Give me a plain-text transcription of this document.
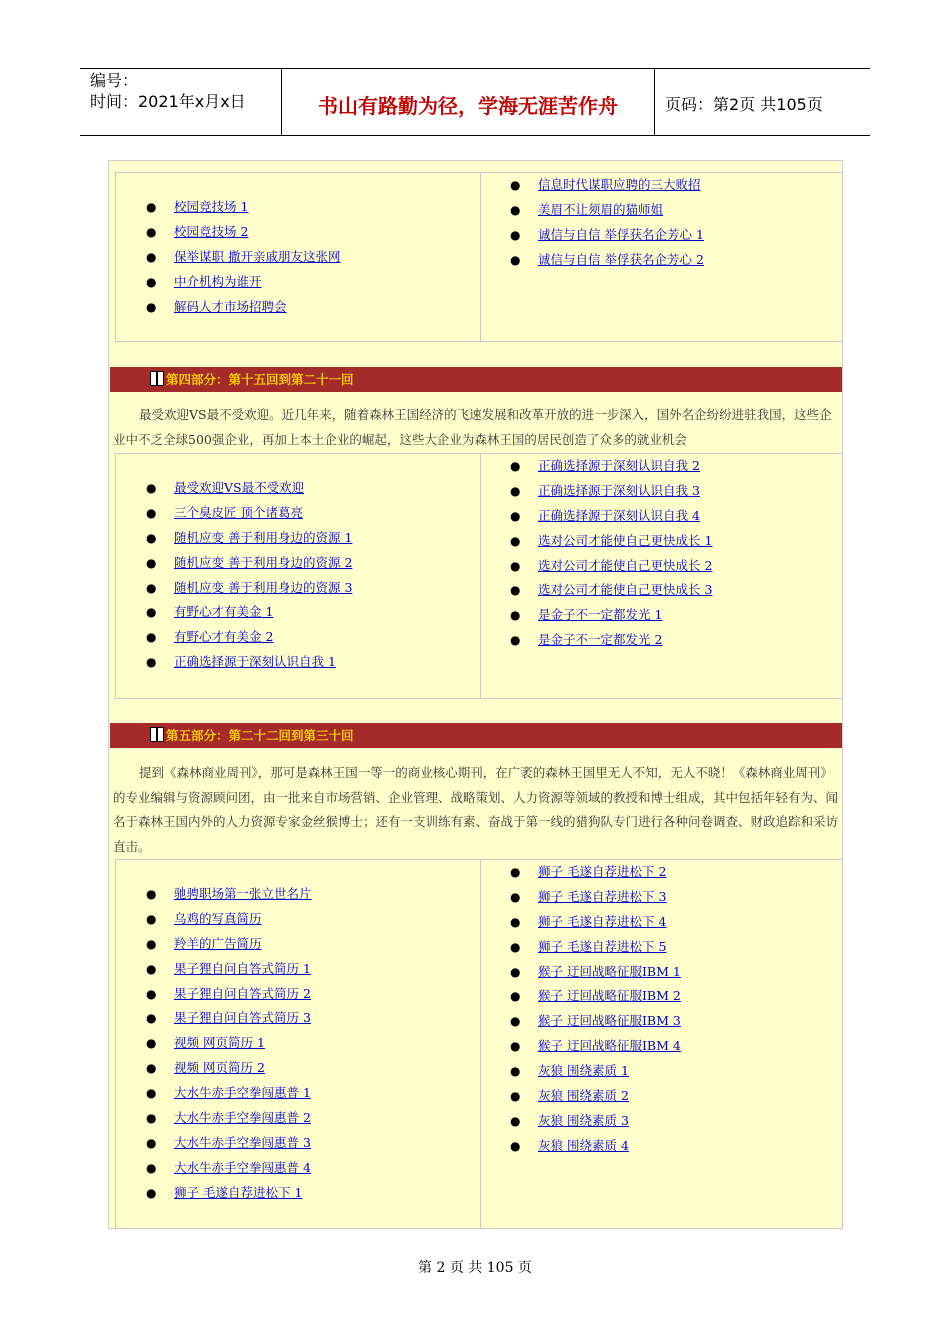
编号：
时间：2021年x月x日	书山有路勤为径，学海无涯苦作舟	页码：第2页 共105页
● 校园竞技场 1
● 校园竞技场 2
● 保举谋职 撒开亲戚朋友这张网
● 中介机构为谁开
● 解码人才市场招聘会
● 信息时代谋职应聘的三大败招
● 美眉不让须眉的猫师姐
● 诚信与自信 举俘获名企芳心 1
● 诚信与自信 举俘获名企芳心 2
第四部分：第十五回到第二十一回
最受欢迎VS最不受欢迎。近几年来，随着森林王国经济的飞速发展和改革开放的进一步深入，国外名企纷纷进驻我国，这些企业中不乏全球500强企业，再加上本土企业的崛起，这些大企业为森林王国的居民创造了众多的就业机会
● 最受欢迎VS最不受欢迎
● 三个臭皮匠 顶个诸葛亮
● 随机应变 善于利用身边的资源 1
● 随机应变 善于利用身边的资源 2
● 随机应变 善于利用身边的资源 3
● 有野心才有美金 1
● 有野心才有美金 2
● 正确选择源于深刻认识自我 1
● 正确选择源于深刻认识自我 2
● 正确选择源于深刻认识自我 3
● 正确选择源于深刻认识自我 4
● 选对公司才能使自己更快成长 1
● 选对公司才能使自己更快成长 2
● 选对公司才能使自己更快成长 3
● 是金子不一定都发光 1
● 是金子不一定都发光 2
第五部分：第二十二回到第三十回
提到《森林商业周刊》，那可是森林王国一等一的商业核心期刊，在广袤的森林王国里无人不知，无人不晓！《森林商业周刊》的专业编辑与资源顾问团，由一批来自市场营销、企业管理、战略策划、人力资源等领域的教授和博士组成，其中包括年轻有为、闻名于森林王国内外的人力资源专家金丝猴博士；还有一支训练有素、奋战于第一线的猎狗队专门进行各种问卷调查、财政追踪和采访直击。
● 驰骋职场第一张立世名片
● 乌鸡的写真简历
● 羚羊的广告简历
● 果子狸自问自答式简历 1
● 果子狸自问自答式简历 2
● 果子狸自问自答式简历 3
● 视频 网页简历 1
● 视频 网页简历 2
● 大水牛赤手空拳闯惠普 1
● 大水牛赤手空拳闯惠普 2
● 大水牛赤手空拳闯惠普 3
● 大水牛赤手空拳闯惠普 4
● 狮子 毛遂自荐进松下 1
● 狮子 毛遂自荐进松下 2
● 狮子 毛遂自荐进松下 3
● 狮子 毛遂自荐进松下 4
● 狮子 毛遂自荐进松下 5
● 猴子 迂回战略征服IBM 1
● 猴子 迂回战略征服IBM 2
● 猴子 迂回战略征服IBM 3
● 猴子 迂回战略征服IBM 4
● 灰狼 围绕素质 1
● 灰狼 围绕素质 2
● 灰狼 围绕素质 3
● 灰狼 围绕素质 4
第 2 页 共 105 页
